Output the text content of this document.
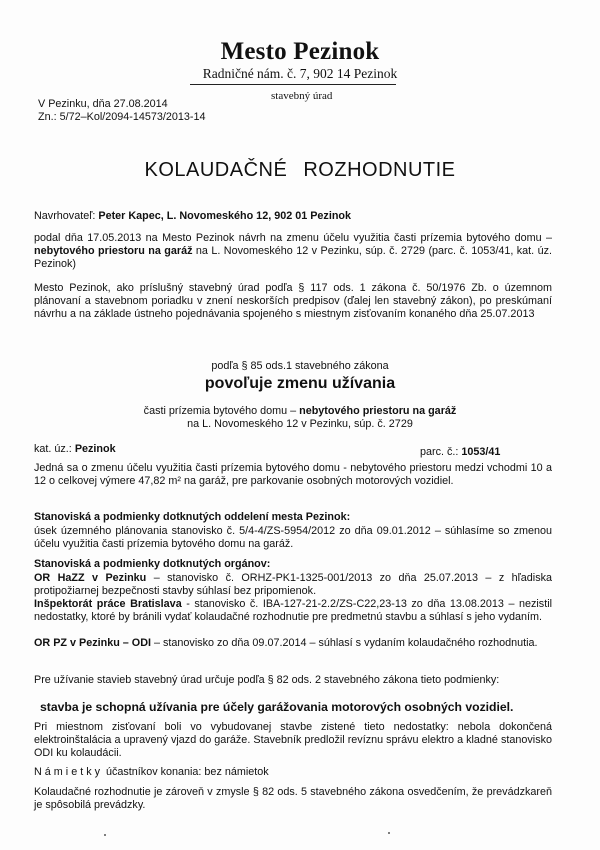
Mesto Pezinok
Radničné nám. č. 7, 902 14 Pezinok
stavebný úrad
V Pezinku, dňa 27.08.2014
Zn.: 5/72–Kol/2094-14573/2013-14
KOLAUDAČNÉ ROZHODNUTIE
Navrhovateľ: Peter Kapec, L. Novomeského 12, 902 01 Pezinok
podal dňa 17.05.2013 na Mesto Pezinok návrh na zmenu účelu využitia časti prízemia bytového domu – nebytového priestoru na garáž na L. Novomeského 12 v Pezinku, súp. č. 2729 (parc. č. 1053/41, kat. úz. Pezinok)
Mesto Pezinok, ako príslušný stavebný úrad podľa § 117 ods. 1 zákona č. 50/1976 Zb. o územnom plánovaní a stavebnom poriadku v znení neskorších predpisov (ďalej len stavebný zákon), po preskúmaní návrhu a na základe ústneho pojednávania spojeného s miestnym zisťovaním konaného dňa 25.07.2013
podľa § 85 ods.1 stavebného zákona
povoľuje zmenu užívania
časti prízemia bytového domu – nebytového priestoru na garáž
na L. Novomeského 12 v Pezinku, súp. č. 2729
kat. úz.: Pezinok	parc. č.: 1053/41
Jedná sa o zmenu účelu využitia časti prízemia bytového domu - nebytového priestoru medzi vchodmi 10 a 12 o celkovej výmere 47,82 m² na garáž, pre parkovanie osobných motorových vozidiel.
Stanoviská a podmienky dotknutých oddelení mesta Pezinok:
úsek územného plánovania stanovisko č. 5/4-4/ZS-5954/2012 zo dňa 09.01.2012 – súhlasíme so zmenou účelu využitia časti prízemia bytového domu na garáž.
Stanoviská a podmienky dotknutých orgánov:
OR HaZZ v Pezinku – stanovisko č. ORHZ-PK1-1325-001/2013 zo dňa 25.07.2013 – z hľadiska protipožiarnej bezpečnosti stavby súhlasí bez pripomienok.
Inšpektorát práce Bratislava - stanovisko č. IBA-127-21-2.2/ZS-C22,23-13 zo dňa 13.08.2013 – nezistil nedostatky, ktoré by bránili vydať kolaudačné rozhodnutie pre predmetnú stavbu a súhlasí s jeho vydaním.
OR PZ v Pezinku – ODI – stanovisko zo dňa 09.07.2014 – súhlasí s vydaním kolaudačného rozhodnutia.
Pre užívanie stavieb stavebný úrad určuje podľa § 82 ods. 2 stavebného zákona tieto podmienky:
stavba je schopná užívania pre účely garážovania motorových osobných vozidiel.
Pri miestnom zisťovaní boli vo vybudovanej stavbe zistené tieto nedostatky: nebola dokončená elektroinštalácia a upravený vjazd do garáže. Stavebník predložil revíznu správu elektro a kladné stanovisko ODI ku kolaudácii.
Námietky účastníkov konania: bez námietok
Kolaudačné rozhodnutie je zároveň v zmysle § 82 ods. 5 stavebného zákona osvedčením, že prevádzkareň je spôsobilá prevádzky.
